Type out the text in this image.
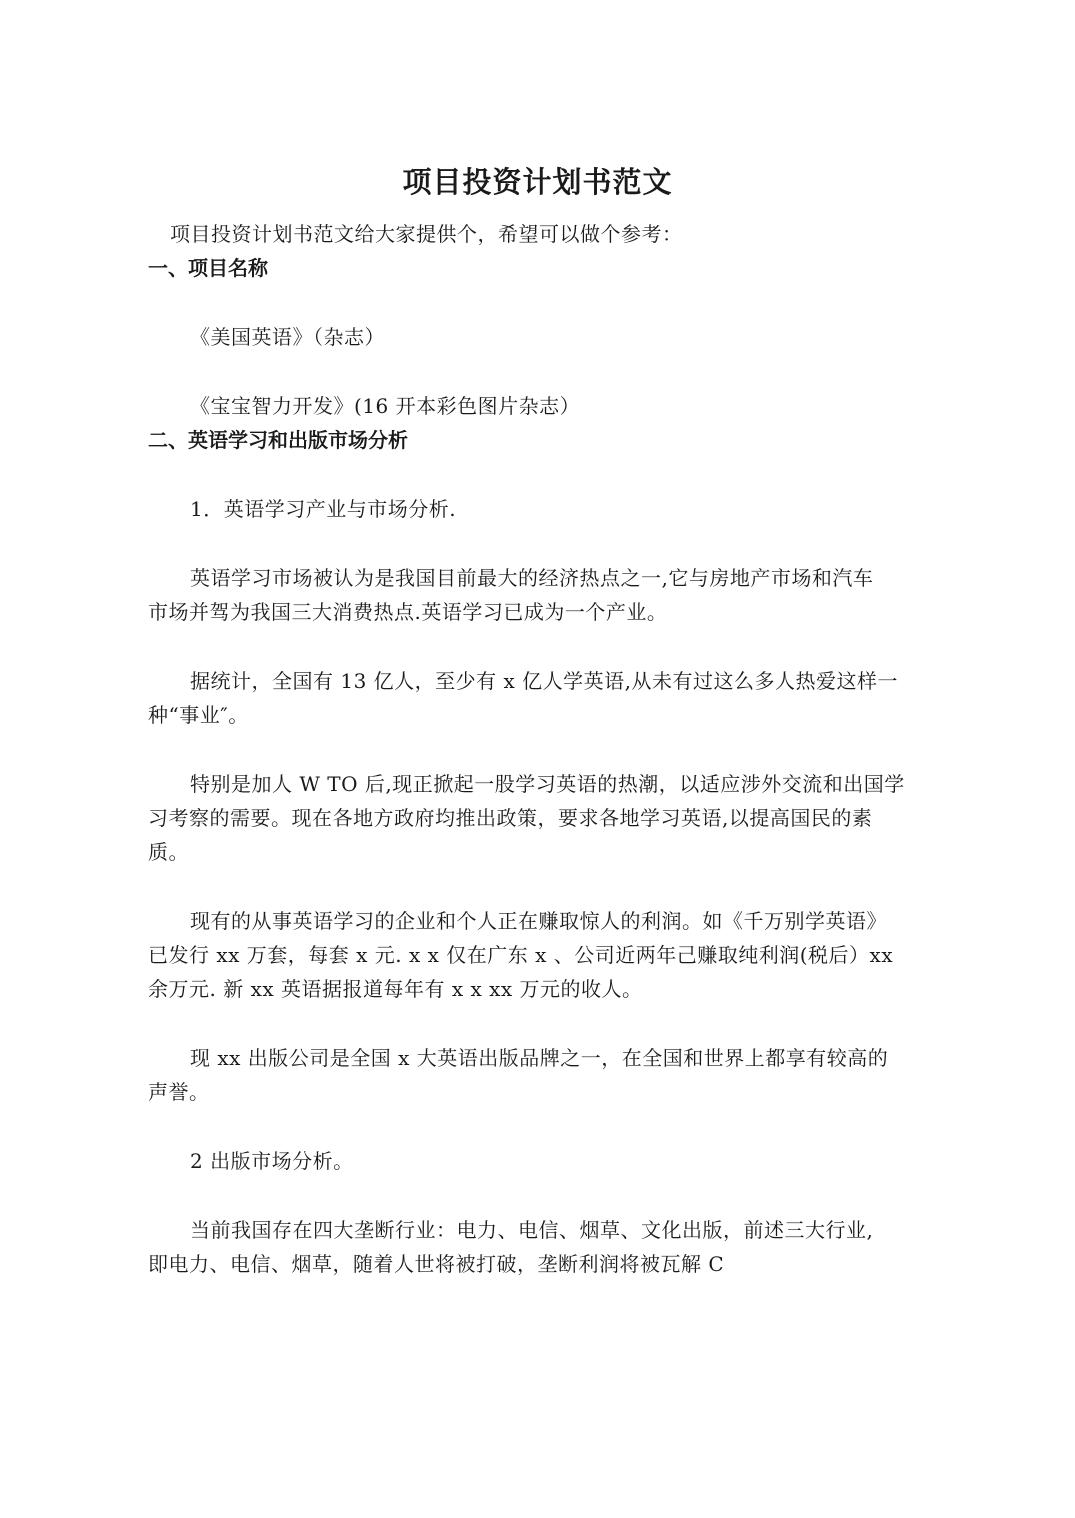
项目投资计划书范文
项目投资计划书范文给大家提供个，希望可以做个参考：
一、项目名称
《美国英语》（杂志）
《宝宝智力开发》(16 开本彩色图片杂志）
二、英语学习和出版市场分析
1．英语学习产业与市场分析.
英语学习市场被认为是我国目前最大的经济热点之一,它与房地产市场和汽车
市场并驾为我国三大消费热点.英语学习已成为一个产业。
据统计，全国有 13 亿人，至少有 x 亿人学英语,从未有过这么多人热爱这样一
种“事业″。
特别是加人 W TO 后,现正掀起一股学习英语的热潮，以适应涉外交流和出国学
习考察的需要。现在各地方政府均推出政策，要求各地学习英语,以提高国民的素
质。
现有的从事英语学习的企业和个人正在赚取惊人的利润。如《千万别学英语》
已发行 xx 万套，每套 x 元. x x 仅在广东 x 、公司近两年己赚取纯利润(税后）xx
余万元. 新 xx 英语据报道每年有 x x xx 万元的收人。
现 xx 出版公司是全国 x 大英语出版品牌之一，在全国和世界上都享有较高的
声誉。
2 出版市场分析。
当前我国存在四大垄断行业：电力、电信、烟草、文化出版，前述三大行业,
即电力、电信、烟草，随着人世将被打破，垄断利润将被瓦解 C
